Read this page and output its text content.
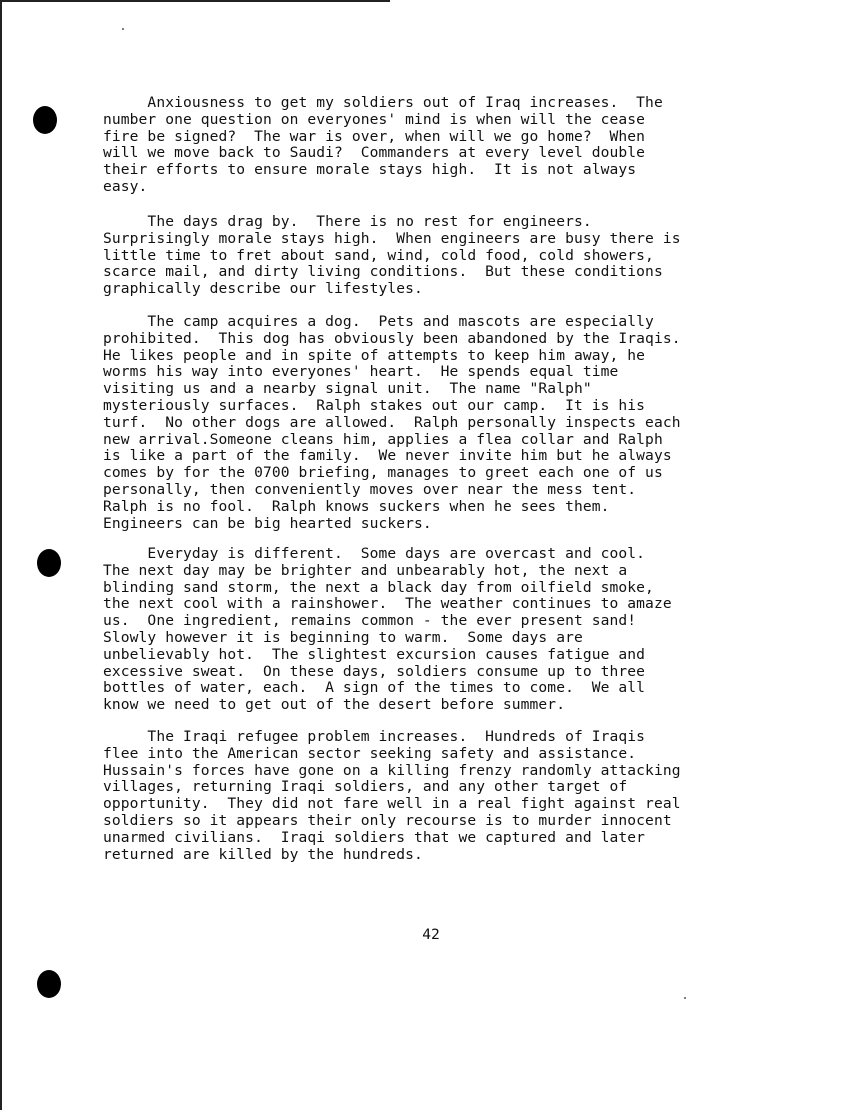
Anxiousness to get my soldiers out of Iraq increases.  The
number one question on everyones' mind is when will the cease
fire be signed?  The war is over, when will we go home?  When
will we move back to Saudi?  Commanders at every level double
their efforts to ensure morale stays high.  It is not always
easy.
The days drag by.  There is no rest for engineers.
Surprisingly morale stays high.  When engineers are busy there is
little time to fret about sand, wind, cold food, cold showers,
scarce mail, and dirty living conditions.  But these conditions
graphically describe our lifestyles.
The camp acquires a dog.  Pets and mascots are especially
prohibited.  This dog has obviously been abandoned by the Iraqis.
He likes people and in spite of attempts to keep him away, he
worms his way into everyones' heart.  He spends equal time
visiting us and a nearby signal unit.  The name "Ralph"
mysteriously surfaces.  Ralph stakes out our camp.  It is his
turf.  No other dogs are allowed.  Ralph personally inspects each
new arrival.Someone cleans him, applies a flea collar and Ralph
is like a part of the family.  We never invite him but he always
comes by for the 0700 briefing, manages to greet each one of us
personally, then conveniently moves over near the mess tent.
Ralph is no fool.  Ralph knows suckers when he sees them.
Engineers can be big hearted suckers.
Everyday is different.  Some days are overcast and cool.
The next day may be brighter and unbearably hot, the next a
blinding sand storm, the next a black day from oilfield smoke,
the next cool with a rainshower.  The weather continues to amaze
us.  One ingredient, remains common - the ever present sand!
Slowly however it is beginning to warm.  Some days are
unbelievably hot.  The slightest excursion causes fatigue and
excessive sweat.  On these days, soldiers consume up to three
bottles of water, each.  A sign of the times to come.  We all
know we need to get out of the desert before summer.
The Iraqi refugee problem increases.  Hundreds of Iraqis
flee into the American sector seeking safety and assistance.
Hussain's forces have gone on a killing frenzy randomly attacking
villages, returning Iraqi soldiers, and any other target of
opportunity.  They did not fare well in a real fight against real
soldiers so it appears their only recourse is to murder innocent
unarmed civilians.  Iraqi soldiers that we captured and later
returned are killed by the hundreds.
42
